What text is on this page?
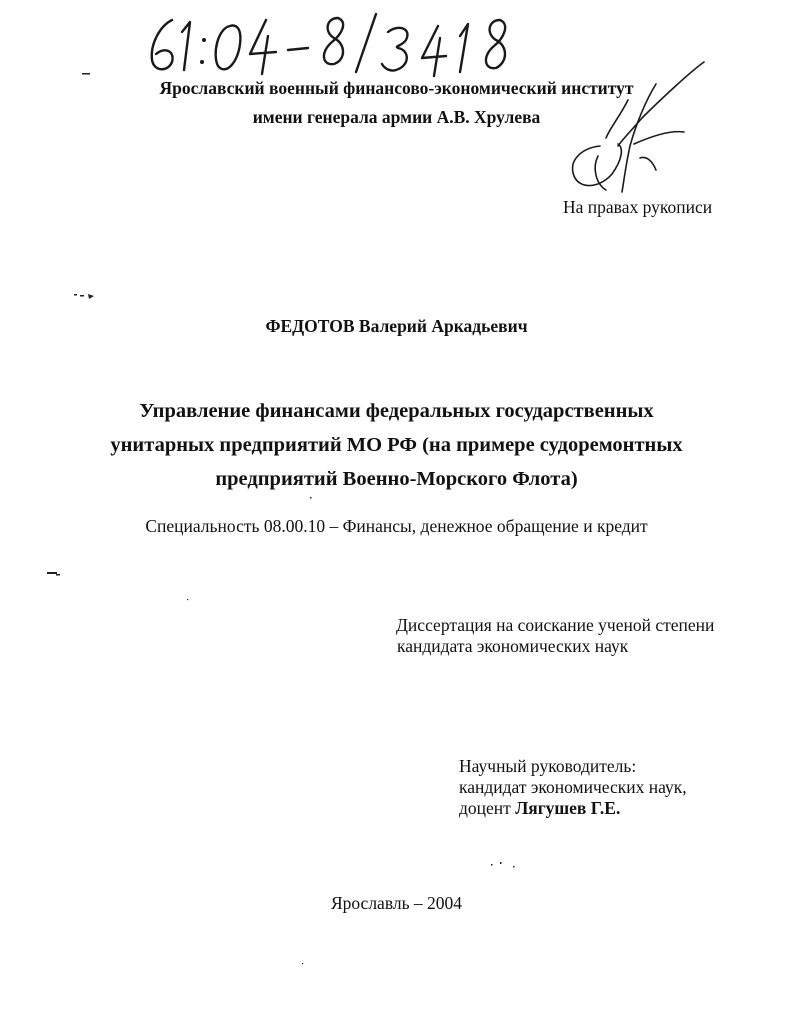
Ярославский военный финансово-экономический институт
имени генерала армии А.В. Хрулева
На правах рукописи
ФЕДОТОВ Валерий Аркадьевич
Управление финансами федеральных государственных
унитарных предприятий МО РФ (на примере судоремонтных
предприятий Военно-Морского Флота)
Специальность 08.00.10 – Финансы, денежное обращение и кредит
Диссертация на соискание ученой степени
кандидата экономических наук
Научный руководитель:
кандидат экономических наук,
доцент Лягушев Г.Е.
Ярославль – 2004
